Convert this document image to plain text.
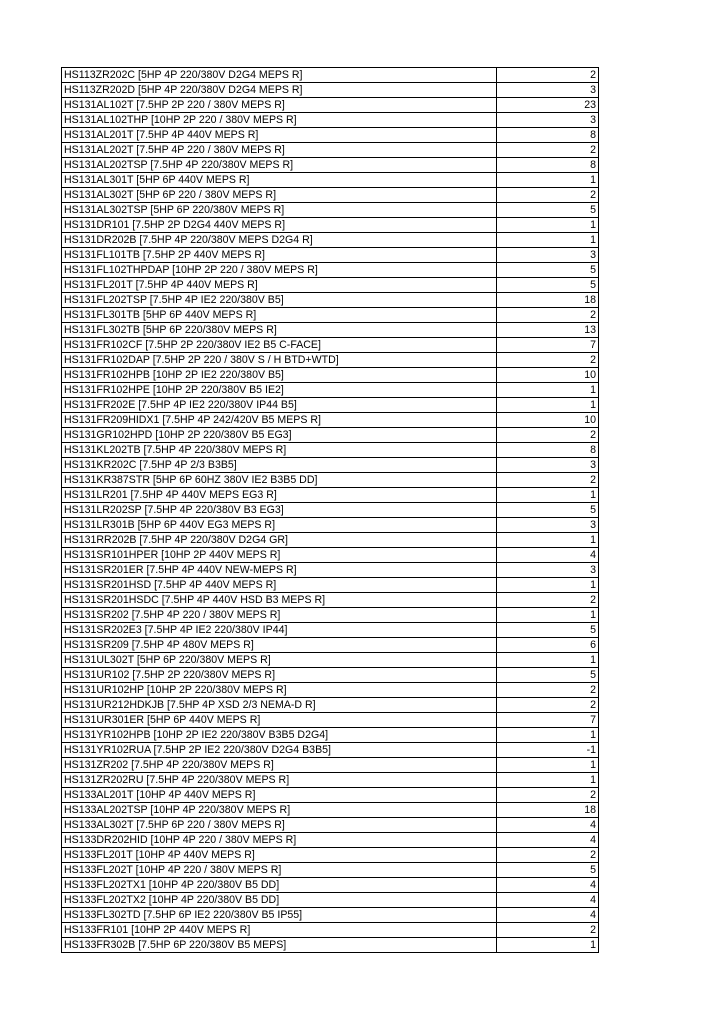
HS113ZR202C [5HP 4P 220/380V D2G4 MEPS R]	2
HS113ZR202D [5HP 4P 220/380V D2G4 MEPS R]	3
HS131AL102T [7.5HP 2P 220 / 380V MEPS R]	23
HS131AL102THP [10HP 2P 220 / 380V MEPS R]	3
HS131AL201T [7.5HP 4P 440V MEPS R]	8
HS131AL202T [7.5HP 4P 220 / 380V MEPS R]	2
HS131AL202TSP [7.5HP 4P 220/380V MEPS R]	8
HS131AL301T [5HP 6P 440V MEPS R]	1
HS131AL302T [5HP 6P 220 / 380V MEPS R]	2
HS131AL302TSP [5HP 6P 220/380V MEPS R]	5
HS131DR101 [7.5HP 2P D2G4 440V MEPS R]	1
HS131DR202B [7.5HP 4P 220/380V MEPS D2G4 R]	1
HS131FL101TB [7.5HP 2P 440V MEPS R]	3
HS131FL102THPDAP [10HP 2P 220 / 380V MEPS R]	5
HS131FL201T [7.5HP 4P 440V MEPS R]	5
HS131FL202TSP [7.5HP 4P IE2 220/380V B5]	18
HS131FL301TB [5HP 6P 440V MEPS R]	2
HS131FL302TB [5HP 6P 220/380V MEPS R]	13
HS131FR102CF [7.5HP 2P 220/380V IE2 B5 C-FACE]	7
HS131FR102DAP [7.5HP 2P 220 / 380V S / H BTD+WTD]	2
HS131FR102HPB [10HP 2P IE2 220/380V B5]	10
HS131FR102HPE [10HP 2P 220/380V B5 IE2]	1
HS131FR202E [7.5HP 4P IE2 220/380V IP44 B5]	1
HS131FR209HIDX1 [7.5HP 4P 242/420V B5 MEPS R]	10
HS131GR102HPD [10HP 2P 220/380V B5 EG3]	2
HS131KL202TB [7.5HP 4P 220/380V MEPS R]	8
HS131KR202C [7.5HP 4P 2/3 B3B5]	3
HS131KR387STR [5HP 6P 60HZ 380V IE2 B3B5 DD]	2
HS131LR201 [7.5HP 4P 440V MEPS EG3 R]	1
HS131LR202SP [7.5HP 4P 220/380V B3 EG3]	5
HS131LR301B [5HP 6P 440V EG3 MEPS R]	3
HS131RR202B [7.5HP 4P 220/380V D2G4 GR]	1
HS131SR101HPER [10HP 2P 440V MEPS R]	4
HS131SR201ER [7.5HP 4P 440V NEW-MEPS R]	3
HS131SR201HSD [7.5HP 4P 440V MEPS R]	1
HS131SR201HSDC [7.5HP 4P 440V HSD B3 MEPS R]	2
HS131SR202 [7.5HP 4P 220 / 380V MEPS R]	1
HS131SR202E3 [7.5HP 4P IE2 220/380V IP44]	5
HS131SR209 [7.5HP 4P 480V MEPS R]	6
HS131UL302T [5HP 6P 220/380V MEPS R]	1
HS131UR102 [7.5HP 2P 220/380V MEPS R]	5
HS131UR102HP [10HP 2P 220/380V MEPS R]	2
HS131UR212HDKJB [7.5HP 4P XSD 2/3 NEMA-D R]	2
HS131UR301ER [5HP 6P 440V MEPS R]	7
HS131YR102HPB [10HP 2P IE2 220/380V B3B5 D2G4]	1
HS131YR102RUA [7.5HP 2P IE2 220/380V D2G4 B3B5]	-1
HS131ZR202 [7.5HP 4P 220/380V MEPS R]	1
HS131ZR202RU [7.5HP 4P 220/380V MEPS R]	1
HS133AL201T [10HP 4P 440V MEPS R]	2
HS133AL202TSP [10HP 4P 220/380V MEPS R]	18
HS133AL302T [7.5HP 6P 220 / 380V MEPS R]	4
HS133DR202HID [10HP 4P 220 / 380V MEPS R]	4
HS133FL201T [10HP 4P 440V MEPS R]	2
HS133FL202T [10HP 4P 220 / 380V MEPS R]	5
HS133FL202TX1 [10HP 4P 220/380V B5 DD]	4
HS133FL202TX2 [10HP 4P 220/380V B5 DD]	4
HS133FL302TD [7.5HP 6P IE2 220/380V B5 IP55]	4
HS133FR101 [10HP 2P 440V MEPS R]	2
HS133FR302B [7.5HP 6P 220/380V B5 MEPS]	1
